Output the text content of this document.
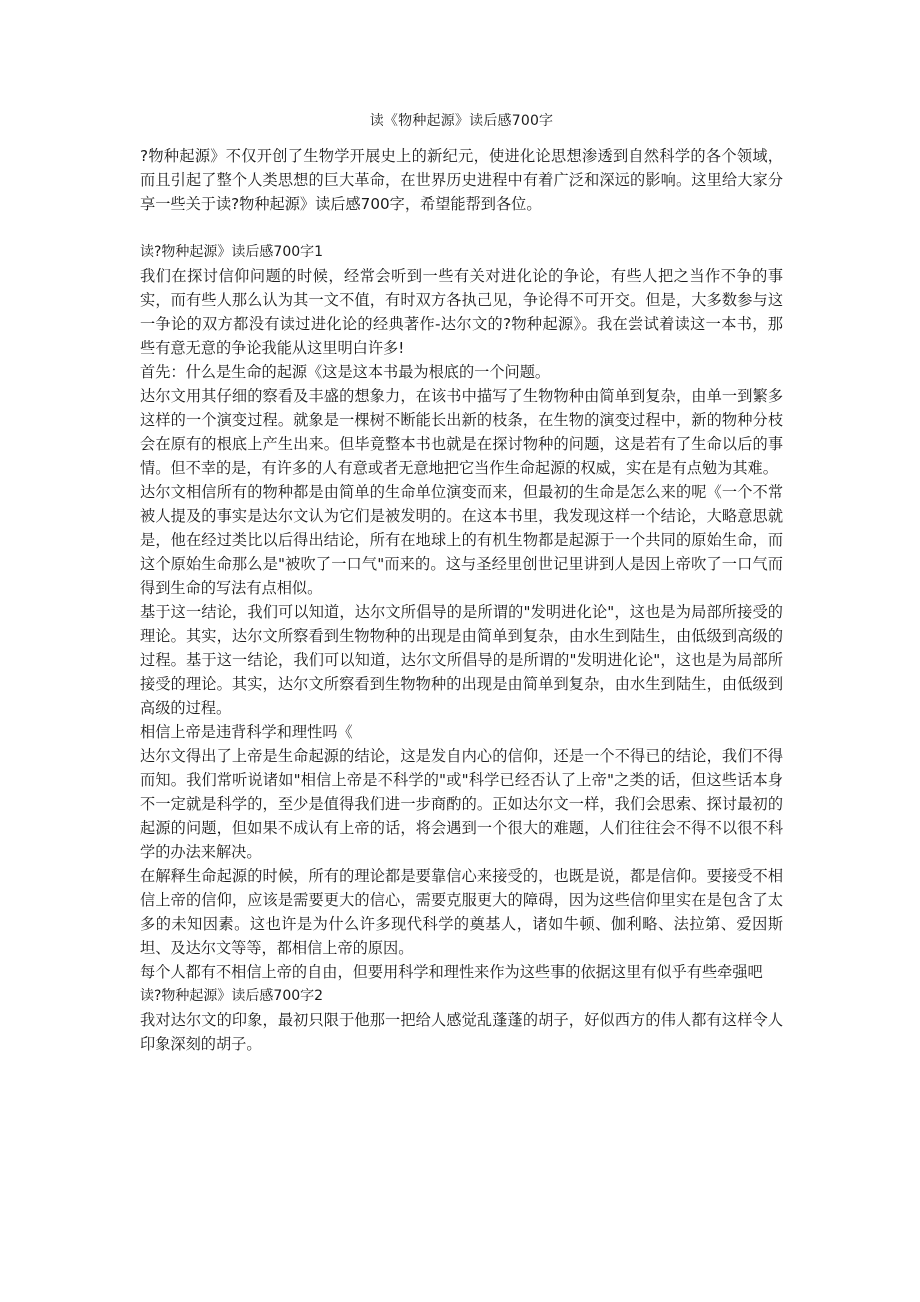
读《物种起源》读后感700字

?物种起源》不仅开创了生物学开展史上的新纪元，使进化论思想渗透到自然科学的各个领域，而且引起了整个人类思想的巨大革命，在世界历史进程中有着广泛和深远的影响。这里给大家分享一些关于读?物种起源》读后感700字，希望能帮到各位。

读?物种起源》读后感700字1

我们在探讨信仰问题的时候，经常会听到一些有关对进化论的争论，有些人把之当作不争的事实，而有些人那么认为其一文不值，有时双方各执己见，争论得不可开交。但是，大多数参与这一争论的双方都没有读过进化论的经典著作-达尔文的?物种起源》。我在尝试着读这一本书，那些有意无意的争论我能从这里明白许多!

首先：什么是生命的起源《这是这本书最为根底的一个问题。

达尔文用其仔细的察看及丰盛的想象力，在该书中描写了生物物种由简单到复杂，由单一到繁多这样的一个演变过程。就象是一棵树不断能长出新的枝条，在生物的演变过程中，新的物种分枝会在原有的根底上产生出来。但毕竟整本书也就是在探讨物种的问题，这是若有了生命以后的事情。但不幸的是，有许多的人有意或者无意地把它当作生命起源的权威，实在是有点勉为其难。

达尔文相信所有的物种都是由简单的生命单位演变而来，但最初的生命是怎么来的呢《一个不常被人提及的事实是达尔文认为它们是被发明的。在这本书里，我发现这样一个结论，大略意思就是，他在经过类比以后得出结论，所有在地球上的有机生物都是起源于一个共同的原始生命，而这个原始生命那么是"被吹了一口气"而来的。这与圣经里创世记里讲到人是因上帝吹了一口气而得到生命的写法有点相似。

基于这一结论，我们可以知道，达尔文所倡导的是所谓的"发明进化论"，这也是为局部所接受的理论。其实，达尔文所察看到生物物种的出现是由简单到复杂，由水生到陆生，由低级到高级的过程。基于这一结论，我们可以知道，达尔文所倡导的是所谓的"发明进化论"，这也是为局部所接受的理论。其实，达尔文所察看到生物物种的出现是由简单到复杂，由水生到陆生，由低级到高级的过程。

相信上帝是违背科学和理性吗《

达尔文得出了上帝是生命起源的结论，这是发自内心的信仰，还是一个不得已的结论，我们不得而知。我们常听说诸如"相信上帝是不科学的"或"科学已经否认了上帝"之类的话，但这些话本身不一定就是科学的，至少是值得我们进一步商酌的。正如达尔文一样，我们会思索、探讨最初的起源的问题，但如果不成认有上帝的话，将会遇到一个很大的难题，人们往往会不得不以很不科学的办法来解决。

在解释生命起源的时候，所有的理论都是要靠信心来接受的，也既是说，都是信仰。要接受不相信上帝的信仰，应该是需要更大的信心，需要克服更大的障碍，因为这些信仰里实在是包含了太多的未知因素。这也许是为什么许多现代科学的奠基人，诸如牛顿、伽利略、法拉第、爱因斯坦、及达尔文等等，都相信上帝的原因。

每个人都有不相信上帝的自由，但要用科学和理性来作为这些事的依据这里有似乎有些牵强吧

读?物种起源》读后感700字2

我对达尔文的印象，最初只限于他那一把给人感觉乱蓬蓬的胡子，好似西方的伟人都有这样令人印象深刻的胡子。
